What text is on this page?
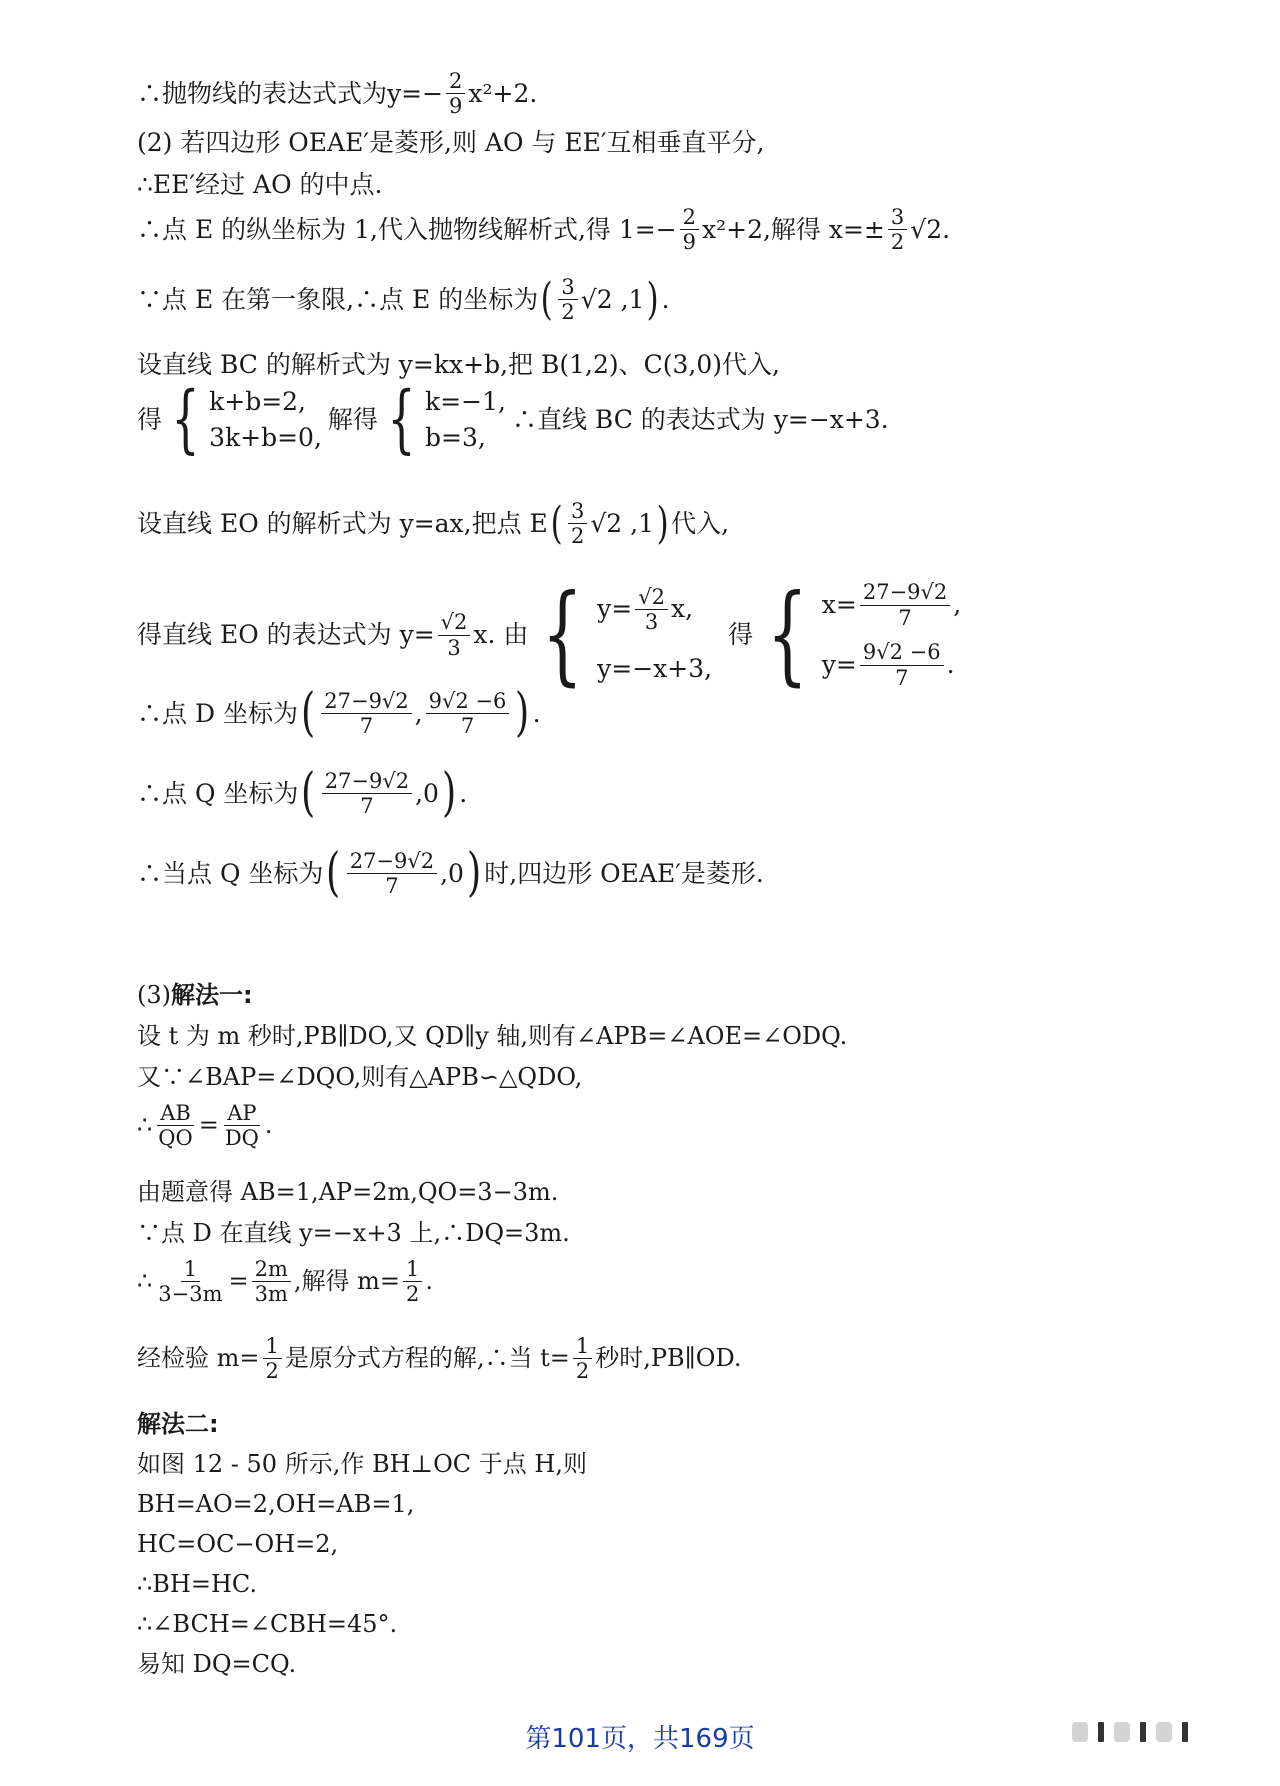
∴抛物线的表达式式为 $y=- \frac{2}{9} x^2+2$.
(2) 若四边形 OEAE′是菱形,则 AO 与 EE′互相垂直平分,
∴EE′经过 AO 的中点.
∴点 E 的纵坐标为 1,代入抛物线解析式,得 $1=- \frac{2}{9} x^2+2$,解得 $x=\pm \frac{3}{2} √2$.
∵点 E 在第一象限,∴点 E 的坐标为 ( $\frac{3}{2} √2$ ,1 ) .
设直线 BC 的解析式为 y=kx+b,把 B(1,2)、C(3,0)代入,
得 { k+b=2,
3k+b=0,
解得 { k=−1,
b=3,
∴直线 BC 的表达式为 y=−x+3.
设直线 EO 的解析式为 y=ax,把点 E ( $\frac{3}{2} √2$ ,1 ) 代入,
得直线 EO 的表达式为 $y= \frac{√2}{3} x$. 由 { $y= \frac{√2}{3} x$,
y=−x+3,
得 { $x= \frac{27-9√2}{7}$ ,
$y= \frac{9√2 -6}{7}$ .
∴点 D 坐标为 ( $\frac{27-9√2}{7}$ , $\frac{9√2 -6}{7}$ ) .
∴点 Q 坐标为 ( $\frac{27-9√2}{7} ,0$ ) .
∴当点 Q 坐标为 ( $\frac{27-9√2}{7} ,0$ ) 时,四边形 OEAE′是菱形.
(3) 解法一:
设 t 为 m 秒时,PB∥DO,又 QD∥y 轴,则有∠APB=∠AOE=∠ODQ.
又∵∠BAP=∠DQO,则有△APB∽△QDO,
∴ $\frac{AB}{QO} = \frac{AP}{DQ}$ .
由题意得 AB=1,AP=2m,QO=3−3m.
∵点 D 在直线 y=−x+3 上,∴DQ=3m.
∴ $\frac{1}{3-3m} = \frac{2m}{3m}$ ,解得 $m= \frac{1}{2}$ .
经检验 $m= \frac{1}{2}$ 是原分式方程的解,∴当 $t= \frac{1}{2}$ 秒时,PB∥OD.
解法二:
如图 12 - 50 所示,作 BH⊥OC 于点 H,则
BH=AO=2,OH=AB=1,
HC=OC−OH=2,
∴BH=HC.
∴∠BCH=∠CBH=45°.
易知 DQ=CQ.
第101页，共169页
